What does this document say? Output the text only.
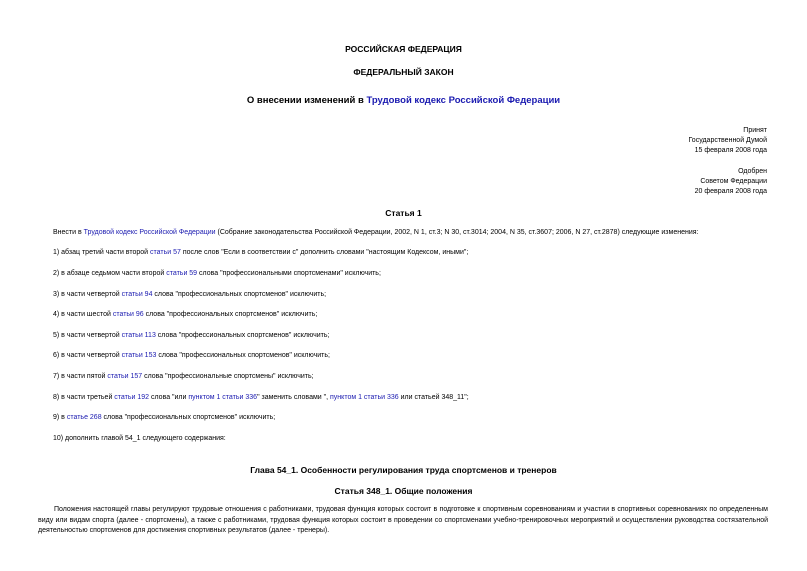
РОССИЙСКАЯ ФЕДЕРАЦИЯ
ФЕДЕРАЛЬНЫЙ ЗАКОН
О внесении изменений в Трудовой кодекс Российской Федерации
Принят
Государственной Думой
15 февраля 2008 года
Одобрен
Советом Федерации
20 февраля 2008 года
Статья 1
Внести в Трудовой кодекс Российской Федерации (Собрание законодательства Российской Федерации, 2002, N 1, ст.3; N 30, ст.3014; 2004, N 35, ст.3607; 2006, N 27, ст.2878) следующие изменения:
1) абзац третий части второй статьи 57 после слов "Если в соответствии с" дополнить словами "настоящим Кодексом, иными";
2) в абзаце седьмом части второй статьи 59 слова "профессиональными спортсменами" исключить;
3) в части четвертой статьи 94 слова "профессиональных спортсменов" исключить;
4) в части шестой статьи 96 слова "профессиональных спортсменов" исключить;
5) в части четвертой статьи 113 слова "профессиональных спортсменов" исключить;
6) в части четвертой статьи 153 слова "профессиональных спортсменов" исключить;
7) в части пятой статьи 157 слова "профессиональные спортсмены" исключить;
8) в части третьей статьи 192 слова "или пунктом 1 статьи 336" заменить словами ", пунктом 1 статьи 336 или статьей 348_11";
9) в статье 268 слова "профессиональных спортсменов" исключить;
10) дополнить главой 54_1 следующего содержания:
Глава 54_1. Особенности регулирования труда спортсменов и тренеров
Статья 348_1. Общие положения
Положения настоящей главы регулируют трудовые отношения с работниками, трудовая функция которых состоит в подготовке к спортивным соревнованиям и участии в спортивных соревнованиях по определенным виду или видам спорта (далее - спортсмены), а также с работниками, трудовая функция которых состоит в проведении со спортсменами учебно-тренировочных мероприятий и осуществлении руководства состязательной деятельностью спортсменов для достижения спортивных результатов (далее - тренеры).
